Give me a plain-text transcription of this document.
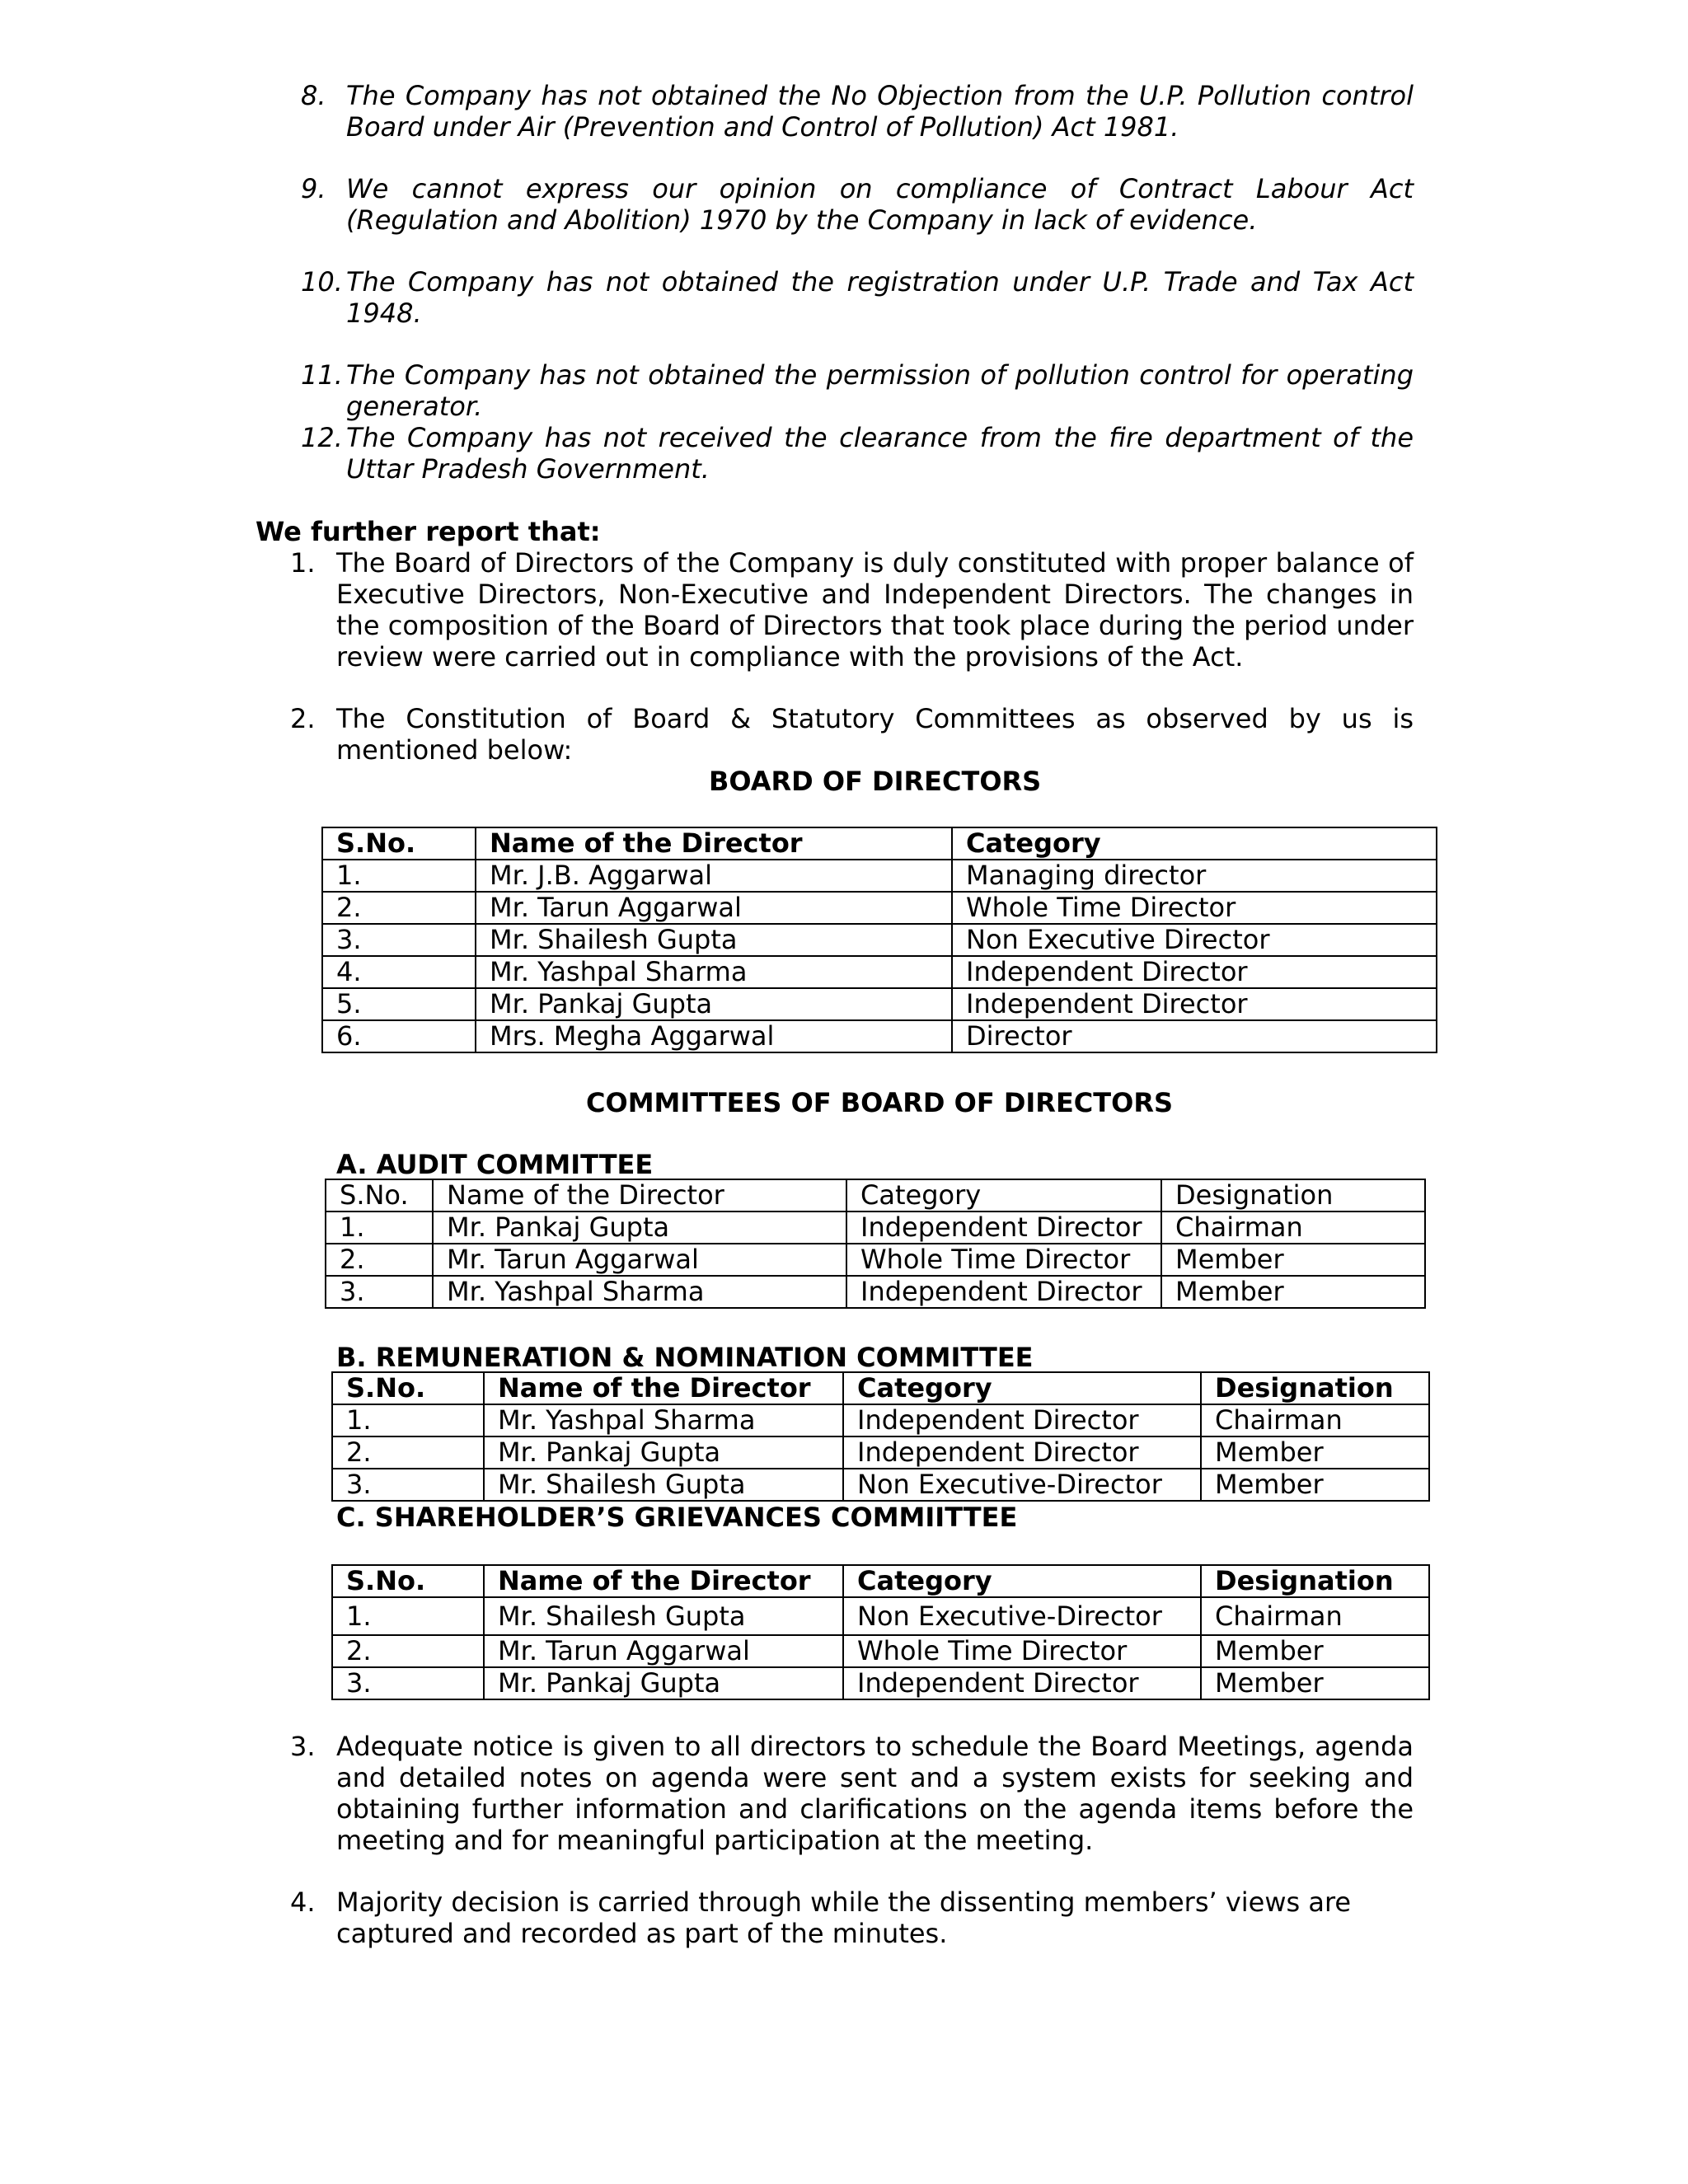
8. The Company has not obtained the No Objection from the U.P. Pollution control Board under Air (Prevention and Control of Pollution) Act 1981.
9. We cannot express our opinion on compliance of Contract Labour Act (Regulation and Abolition) 1970 by the Company in lack of evidence.
10. The Company has not obtained the registration under U.P. Trade and Tax Act 1948.
11. The Company has not obtained the permission of pollution control for operating generator.
12. The Company has not received the clearance from the fire department of the Uttar Pradesh Government.
We further report that:
1. The Board of Directors of the Company is duly constituted with proper balance of Executive Directors, Non-Executive and Independent Directors. The changes in the composition of the Board of Directors that took place during the period under review were carried out in compliance with the provisions of the Act.
2. The Constitution of Board & Statutory Committees as observed by us is mentioned below:
BOARD OF DIRECTORS
S.No.	Name of the Director	Category
1.	Mr. J.B. Aggarwal	Managing director
2.	Mr. Tarun Aggarwal	Whole Time Director
3.	Mr. Shailesh Gupta	Non Executive Director
4.	Mr. Yashpal Sharma	Independent Director
5.	Mr. Pankaj Gupta	Independent Director
6.	Mrs. Megha Aggarwal	Director
COMMITTEES OF BOARD OF DIRECTORS
A. AUDIT COMMITTEE
S.No.	Name of the Director	Category	Designation
1.	Mr. Pankaj Gupta	Independent Director	Chairman
2.	Mr. Tarun Aggarwal	Whole Time Director	Member
3.	Mr. Yashpal Sharma	Independent Director	Member
B. REMUNERATION & NOMINATION COMMITTEE
S.No.	Name of the Director	Category	Designation
1.	Mr. Yashpal Sharma	Independent Director	Chairman
2.	Mr. Pankaj Gupta	Independent Director	Member
3.	Mr. Shailesh Gupta	Non Executive-Director	Member
C. SHAREHOLDER’S GRIEVANCES COMMIITTEE
S.No.	Name of the Director	Category	Designation
1.	Mr. Shailesh Gupta	Non Executive-Director	Chairman
2.	Mr. Tarun Aggarwal	Whole Time Director	Member
3.	Mr. Pankaj Gupta	Independent Director	Member
3. Adequate notice is given to all directors to schedule the Board Meetings, agenda and detailed notes on agenda were sent and a system exists for seeking and obtaining further information and clarifications on the agenda items before the meeting and for meaningful participation at the meeting.
4. Majority decision is carried through while the dissenting members’ views are captured and recorded as part of the minutes.
